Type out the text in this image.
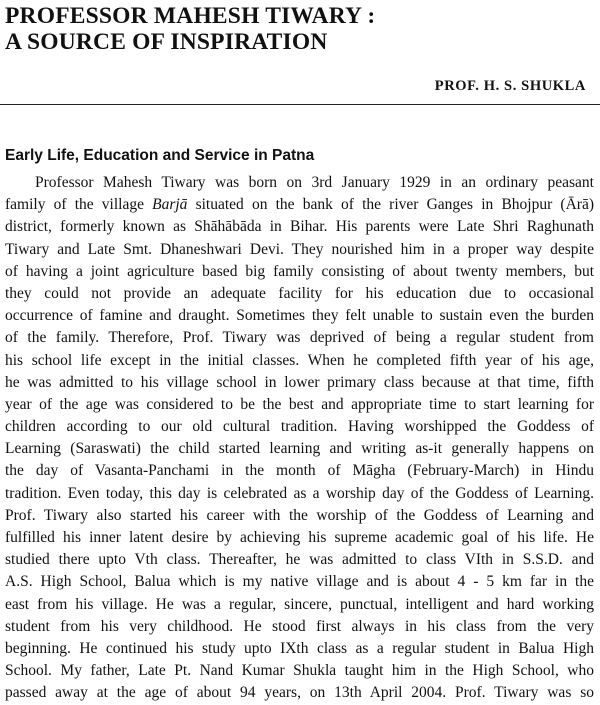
PROFESSOR MAHESH TIWARY :
A SOURCE OF INSPIRATION

PROF. H. S. SHUKLA

Early Life, Education and Service in Patna
Professor Mahesh Tiwary was born on 3rd January 1929 in an ordinary peasant
family of the village Barjā situated on the bank of the river Ganges in Bhojpur (Ārā)
district, formerly known as Shāhābāda in Bihar. His parents were Late Shri Raghunath
Tiwary and Late Smt. Dhaneshwari Devi. They nourished him in a proper way despite
of having a joint agriculture based big family consisting of about twenty members, but
they could not provide an adequate facility for his education due to occasional
occurrence of famine and draught. Sometimes they felt unable to sustain even the burden
of the family. Therefore, Prof. Tiwary was deprived of being a regular student from
his school life except in the initial classes. When he completed fifth year of his age,
he was admitted to his village school in lower primary class because at that time, fifth
year of the age was considered to be the best and appropriate time to start learning for
children according to our old cultural tradition. Having worshipped the Goddess of
Learning (Saraswati) the child started learning and writing as-it generally happens on
the day of Vasanta-Panchami in the month of Māgha (February-March) in Hindu
tradition. Even today, this day is celebrated as a worship day of the Goddess of Learning.
Prof. Tiwary also started his career with the worship of the Goddess of Learning and
fulfilled his inner latent desire by achieving his supreme academic goal of his life. He
studied there upto Vth class. Thereafter, he was admitted to class VIth in S.S.D. and
A.S. High School, Balua which is my native village and is about 4 - 5 km far in the
east from his village. He was a regular, sincere, punctual, intelligent and hard working
student from his very childhood. He stood first always in his class from the very
beginning. He continued his study upto IXth class as a regular student in Balua High
School. My father, Late Pt. Nand Kumar Shukla taught him in the High School, who
passed away at the age of about 94 years, on 13th April 2004. Prof. Tiwary was so
